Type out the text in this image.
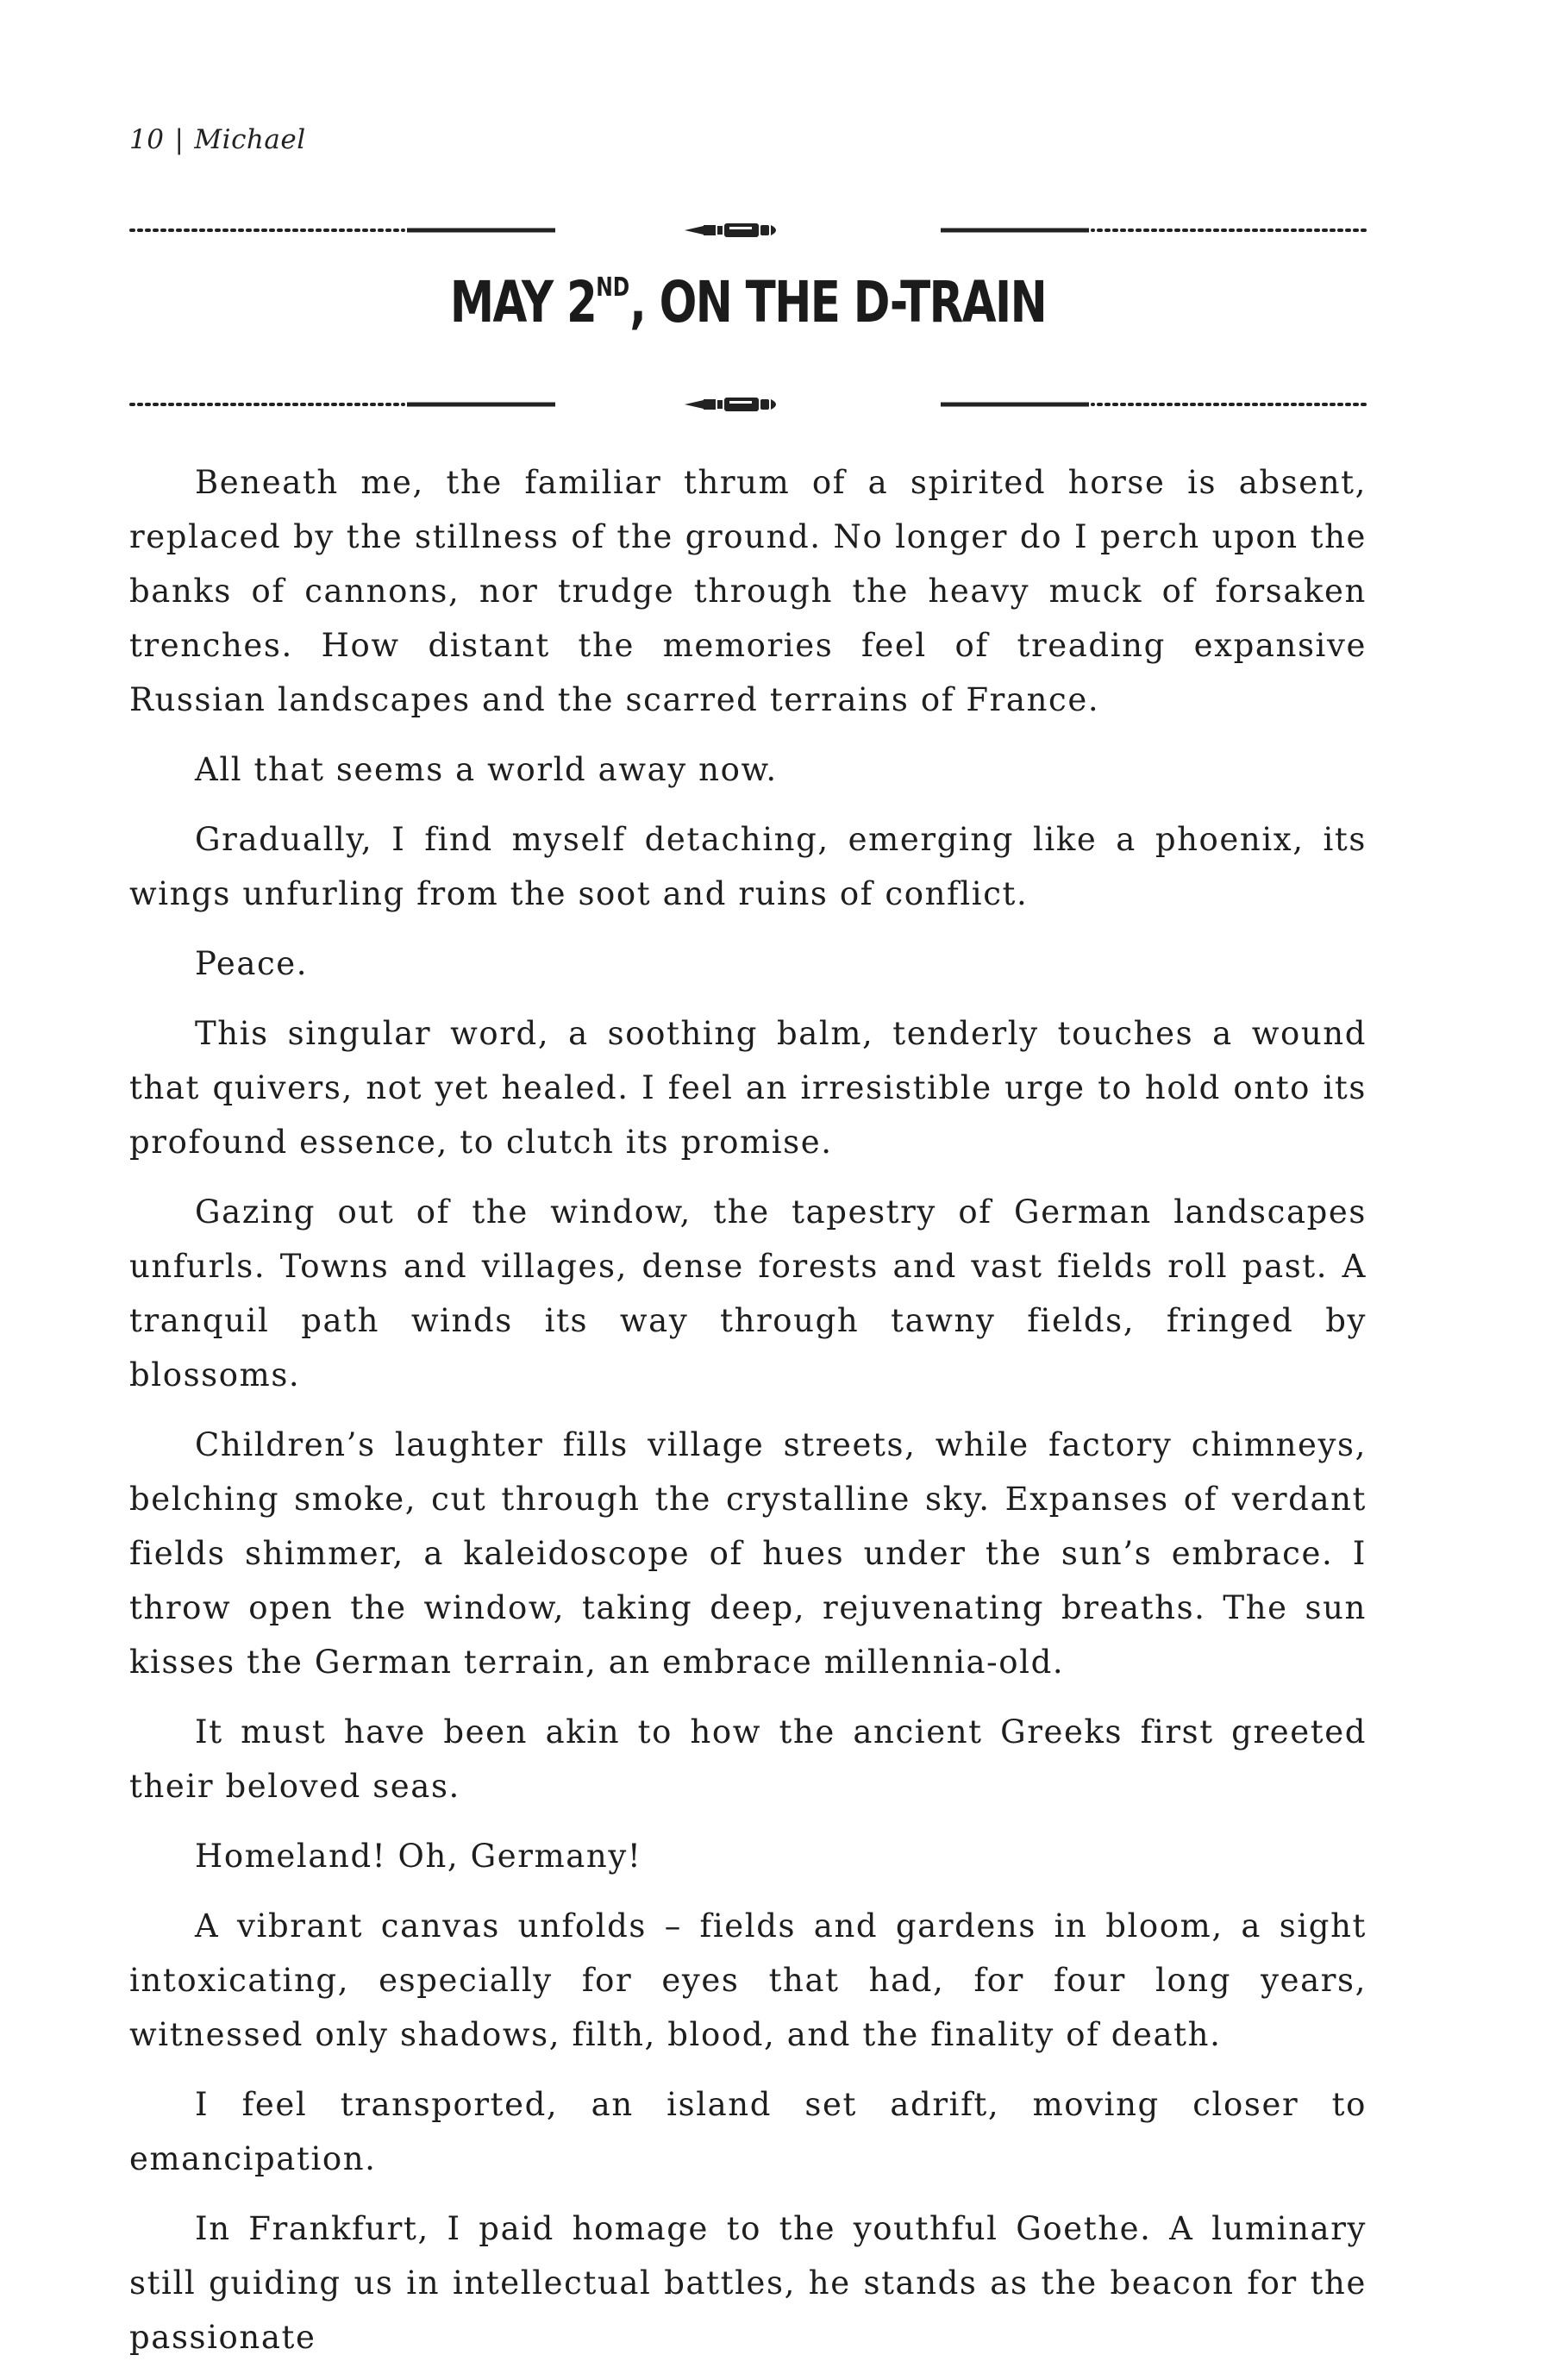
10 | Michael
MAY 2ND, ON THE D-TRAIN

Beneath me, the familiar thrum of a spirited horse is absent, replaced by the stillness of the ground. No longer do I perch upon the banks of cannons, nor trudge through the heavy muck of forsaken trenches. How distant the memories feel of treading expansive Russian landscapes and the scarred terrains of France.

All that seems a world away now.

Gradually, I find myself detaching, emerging like a phoenix, its wings unfurling from the soot and ruins of conflict.

Peace.

This singular word, a soothing balm, tenderly touches a wound that quivers, not yet healed. I feel an irresistible urge to hold onto its profound essence, to clutch its promise.

Gazing out of the window, the tapestry of German landscapes unfurls. Towns and villages, dense forests and vast fields roll past. A tranquil path winds its way through tawny fields, fringed by blossoms.

Children’s laughter fills village streets, while factory chimneys, belching smoke, cut through the crystalline sky. Expanses of verdant fields shimmer, a kaleidoscope of hues under the sun’s embrace. I throw open the window, taking deep, rejuvenating breaths. The sun kisses the German terrain, an embrace millennia-old.

It must have been akin to how the ancient Greeks first greeted their beloved seas.

Homeland! Oh, Germany!

A vibrant canvas unfolds – fields and gardens in bloom, a sight intoxicating, especially for eyes that had, for four long years, witnessed only shadows, filth, blood, and the finality of death.

I feel transported, an island set adrift, moving closer to emancipation.

In Frankfurt, I paid homage to the youthful Goethe. A luminary still guiding us in intellectual battles, he stands as the beacon for the passionate
